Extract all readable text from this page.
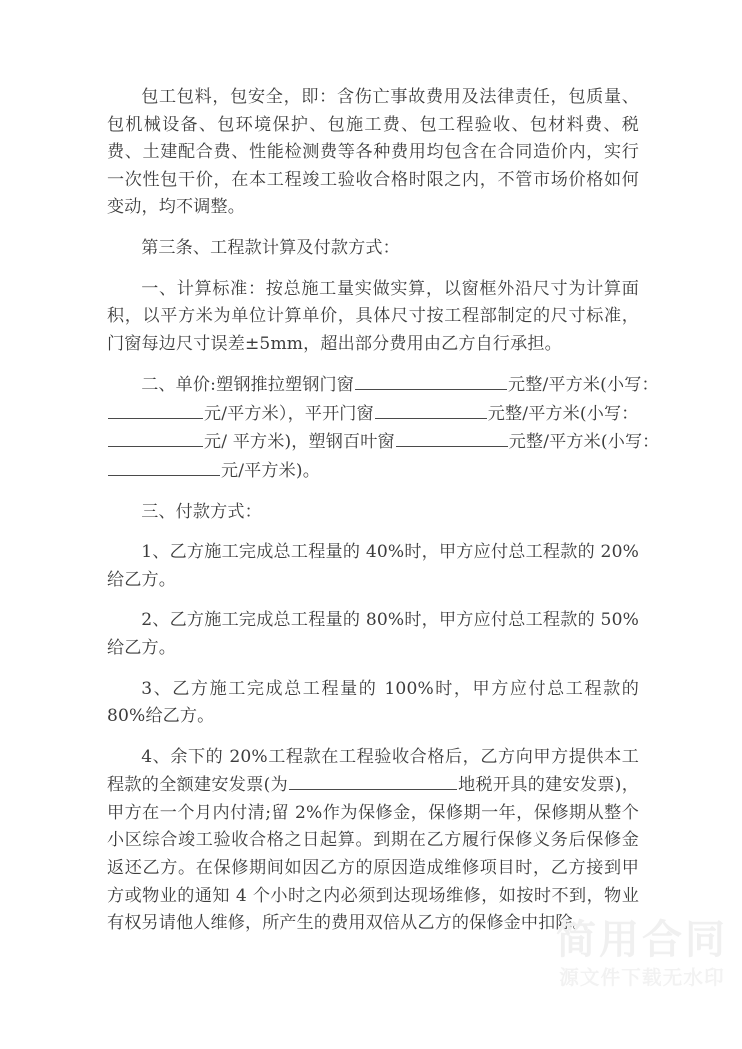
包工包料，包安全，即：含伤亡事故费用及法律责任，包质量、包机械设备、包环境保护、包施工费、包工程验收、包材料费、税费、土建配合费、性能检测费等各种费用均包含在合同造价内，实行一次性包干价，在本工程竣工验收合格时限之内，不管市场价格如何变动，均不调整。

第三条、工程款计算及付款方式：

一、计算标准：按总施工量实做实算，以窗框外沿尺寸为计算面积，以平方米为单位计算单价，具体尺寸按工程部制定的尺寸标准，门窗每边尺寸误差±5mm，超出部分费用由乙方自行承担。

二、单价:塑钢推拉塑钢门窗	元整/平方米(小写：
元/平方米），平开门窗	元整/平方米(小写：
元/ 平方米)，塑钢百叶窗	元整/平方米(小写：
元/平方米)。

三、付款方式：

1、乙方施工完成总工程量的 40%时，甲方应付总工程款的 20%给乙方。

2、乙方施工完成总工程量的 80%时，甲方应付总工程款的 50%给乙方。

3、乙方施工完成总工程量的 100%时，甲方应付总工程款的 80%给乙方。

4、余下的 20%工程款在工程验收合格后，乙方向甲方提供本工程款的全额建安发票(为	地税开具的建安发票)，甲方在一个月内付清;留 2%作为保修金，保修期一年，保修期从整个小区综合竣工验收合格之日起算。到期在乙方履行保修义务后保修金返还乙方。在保修期间如因乙方的原因造成维修项目时，乙方接到甲方或物业的通知 4 个小时之内必须到达现场维修，如按时不到，物业有权另请他人维修，所产生的费用双倍从乙方的保修金中扣除。

简用合同
源文件下载无水印
